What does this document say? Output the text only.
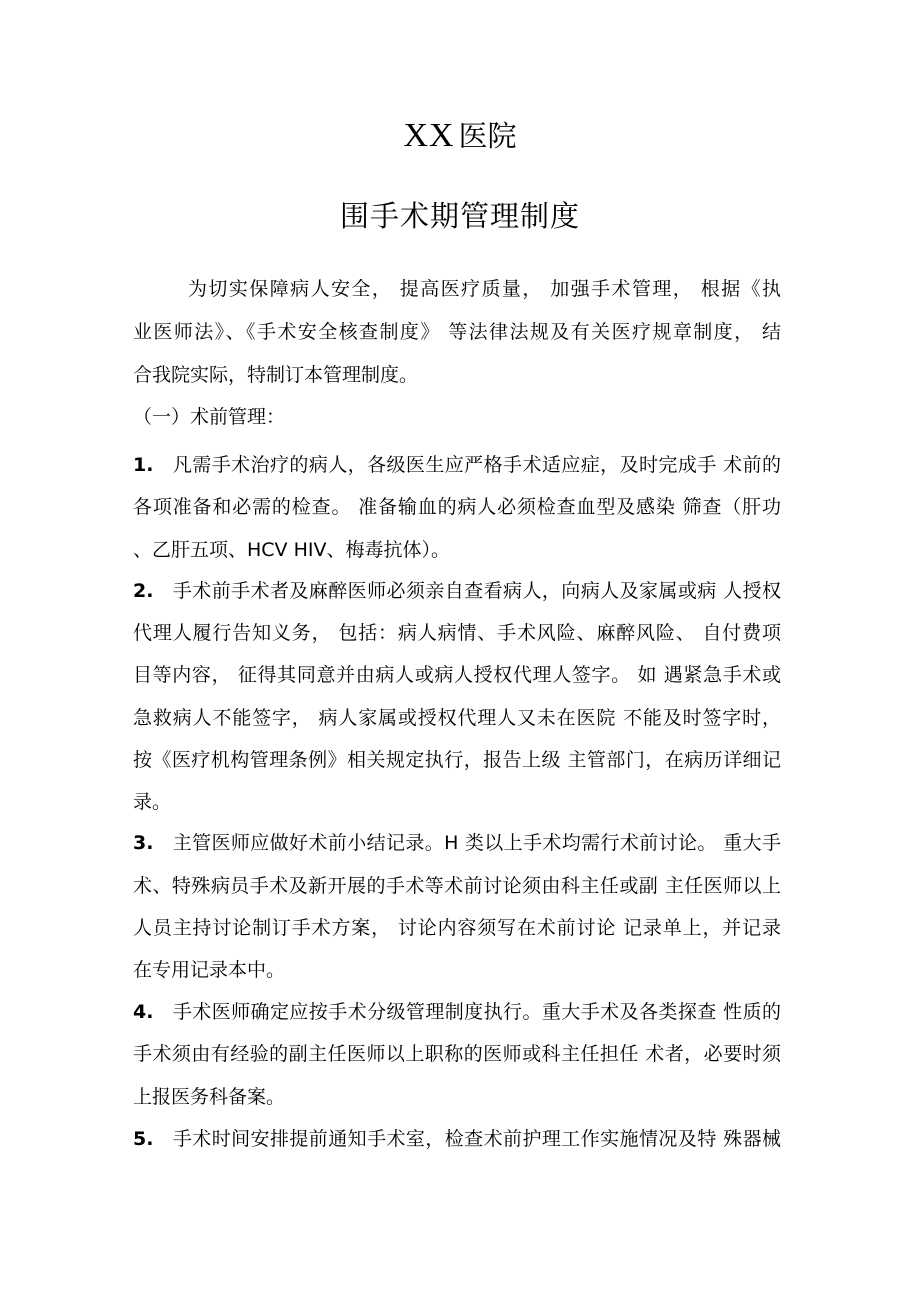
XX 医院
围手术期管理制度
为切实保障病人安全， 提高医疗质量， 加强手术管理， 根据《执
业医师法》、《手术安全核查制度》 等法律法规及有关医疗规章制度， 结
合我院实际，特制订本管理制度。
（一）术前管理：
1. 凡需手术治疗的病人，各级医生应严格手术适应症，及时完成手 术前的
各项准备和必需的检查。 准备输血的病人必须检查血型及感染 筛查（肝功
、乙肝五项、HCV HIV、梅毒抗体）。
2. 手术前手术者及麻醉医师必须亲自查看病人，向病人及家属或病 人授权
代理人履行告知义务， 包括：病人病情、手术风险、麻醉风险、 自付费项
目等内容， 征得其同意并由病人或病人授权代理人签字。 如 遇紧急手术或
急救病人不能签字， 病人家属或授权代理人又未在医院 不能及时签字时，
按《医疗机构管理条例》相关规定执行，报告上级 主管部门，在病历详细记
录。
3. 主管医师应做好术前小结记录。H 类以上手术均需行术前讨论。 重大手
术、特殊病员手术及新开展的手术等术前讨论须由科主任或副 主任医师以上
人员主持讨论制订手术方案， 讨论内容须写在术前讨论 记录单上，并记录
在专用记录本中。
4. 手术医师确定应按手术分级管理制度执行。重大手术及各类探查 性质的
手术须由有经验的副主任医师以上职称的医师或科主任担任 术者，必要时须
上报医务科备案。
5. 手术时间安排提前通知手术室，检查术前护理工作实施情况及特 殊器械
